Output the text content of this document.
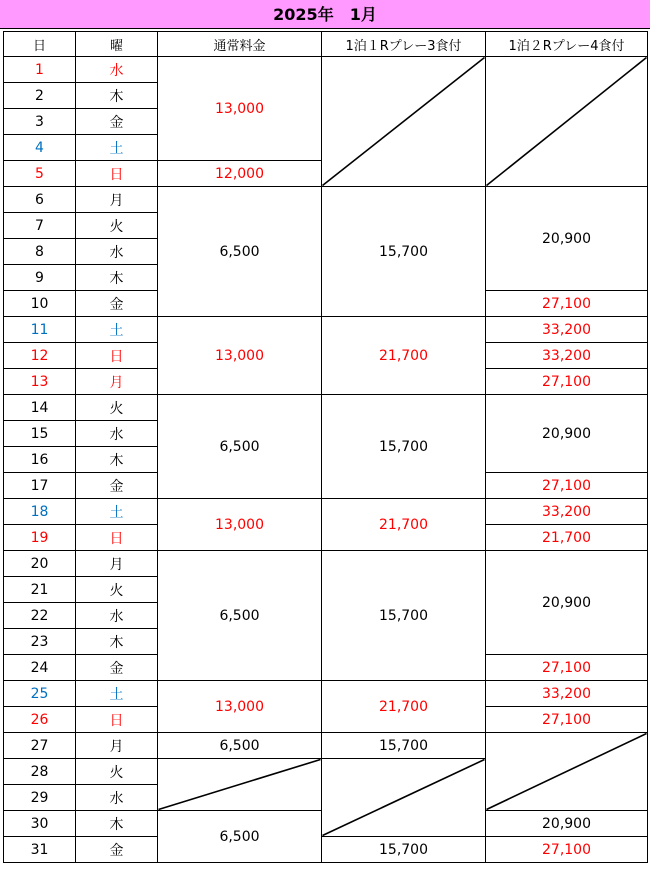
2025年　1月
日	曜	通常料金	1泊１Rプレー3食付	1泊２Rプレー4食付
1	水	13,000		
2	木			
3	金			
4	土			
5	日	12,000		
6	月	6,500	15,700	20,900
7	火			
8	水			
9	木			
10	金			27,100
11	土	13,000	21,700	33,200
12	日			33,200
13	月			27,100
14	火	6,500	15,700	20,900
15	水			
16	木			
17	金			27,100
18	土	13,000	21,700	33,200
19	日			21,700
20	月	6,500	15,700	20,900
21	火			
22	水			
23	木			
24	金			27,100
25	土	13,000	21,700	33,200
26	日			27,100
27	月	6,500	15,700	
28	火			
29	水			
30	木	6,500		20,900
31	金		15,700	27,100
